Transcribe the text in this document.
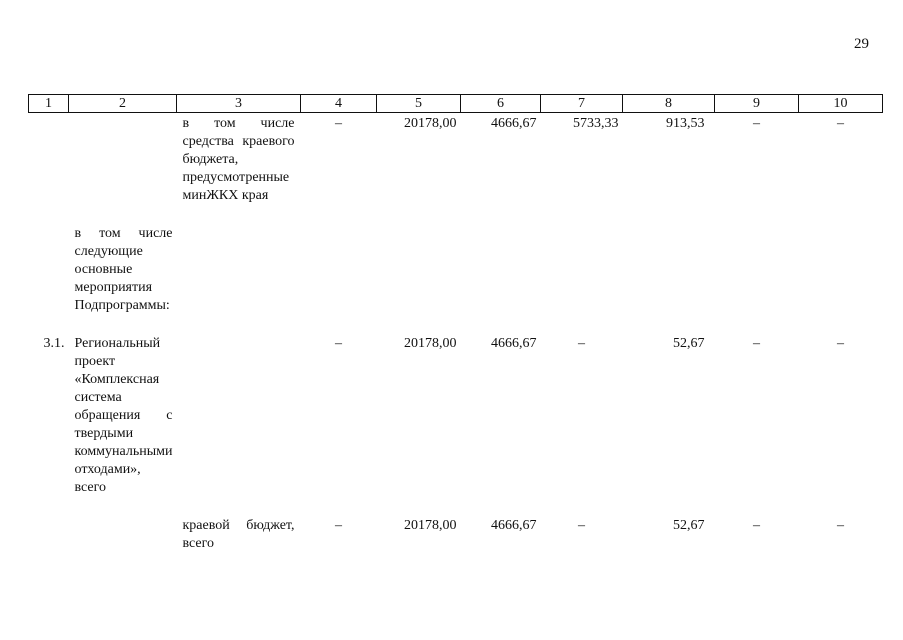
29
1	2	3	4	5	6	7	8	9	10
		в том числе средства краевого бюджета, предусмотренные минЖКХ края	–	20178,00	4666,67	5733,33	913,53	–	–

	в том числе следующие основные мероприятия Подпрограммы:								

3.1.	Региональный проект «Комплексная система обращения с твердыми коммунальными отходами», всего		–	20178,00	4666,67	–	52,67	–	–

		краевой бюджет, всего	–	20178,00	4666,67	–	52,67	–	–
